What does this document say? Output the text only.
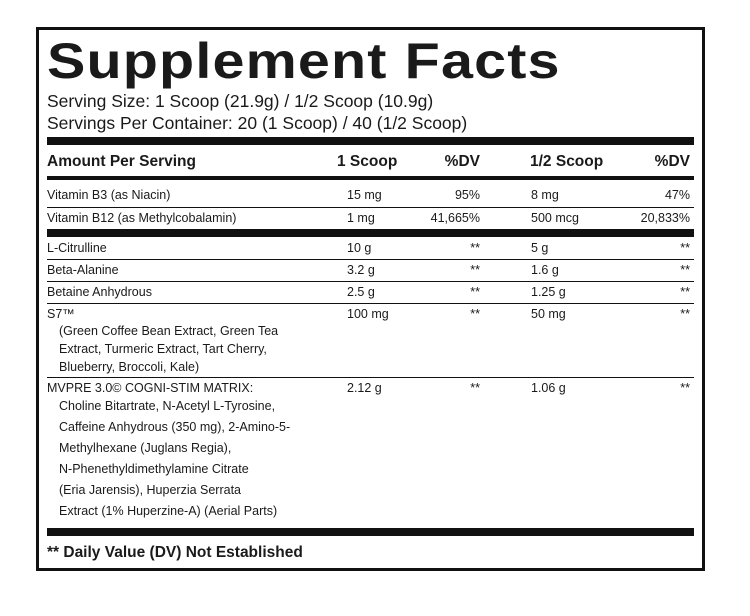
Supplement Facts
Serving Size: 1 Scoop (21.9g) / 1/2 Scoop (10.9g)
Servings Per Container: 20 (1 Scoop) / 40 (1/2 Scoop)
Amount Per Serving	1 Scoop	%DV	1/2 Scoop	%DV
Vitamin B3 (as Niacin)	15 mg	95%	8 mg	47%
Vitamin B12 (as Methylcobalamin)	1 mg	41,665%	500 mcg	20,833%
L-Citrulline	10 g	**	5 g	**
Beta-Alanine	3.2 g	**	1.6 g	**
Betaine Anhydrous	2.5 g	**	1.25 g	**
S7™	100 mg	**	50 mg	**
(Green Coffee Bean Extract, Green Tea
Extract, Turmeric Extract, Tart Cherry,
Blueberry, Broccoli, Kale)
MVPRE 3.0© COGNI-STIM MATRIX:	2.12 g	**	1.06 g	**
Choline Bitartrate, N-Acetyl L-Tyrosine,
Caffeine Anhydrous (350 mg), 2-Amino-5-
Methylhexane (Juglans Regia),
N-Phenethyldimethylamine Citrate
(Eria Jarensis), Huperzia Serrata
Extract (1% Huperzine-A) (Aerial Parts)
** Daily Value (DV) Not Established
